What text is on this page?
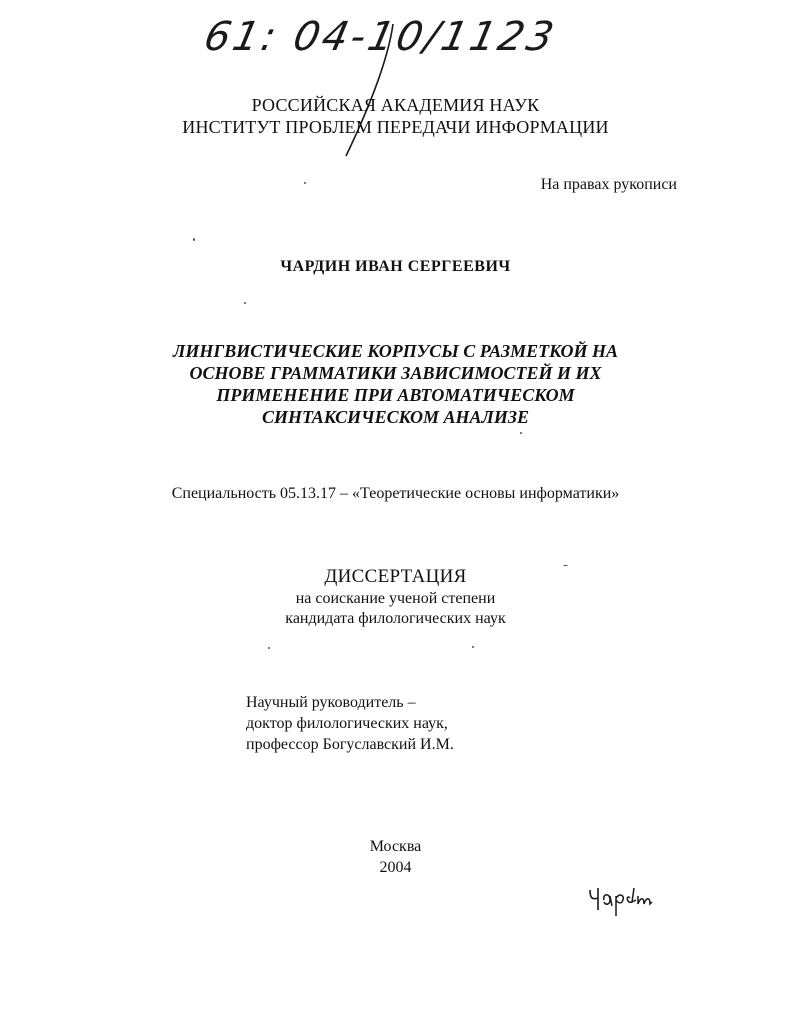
61: 04-10/1123
РОССИЙСКАЯ АКАДЕМИЯ НАУК
ИНСТИТУТ ПРОБЛЕМ ПЕРЕДАЧИ ИНФОРМАЦИИ
На правах рукописи
ЧАРДИН ИВАН СЕРГЕЕВИЧ
ЛИНГВИСТИЧЕСКИЕ КОРПУСЫ С РАЗМЕТКОЙ НА
ОСНОВЕ ГРАММАТИКИ ЗАВИСИМОСТЕЙ И ИХ
ПРИМЕНЕНИЕ ПРИ АВТОМАТИЧЕСКОМ
СИНТАКСИЧЕСКОМ АНАЛИЗЕ
Специальность 05.13.17 – «Теоретические основы информатики»
ДИССЕРТАЦИЯ
на соискание ученой степени
кандидата филологических наук
Научный руководитель –
доктор филологических наук,
профессор Богуславский И.М.
Москва
2004
